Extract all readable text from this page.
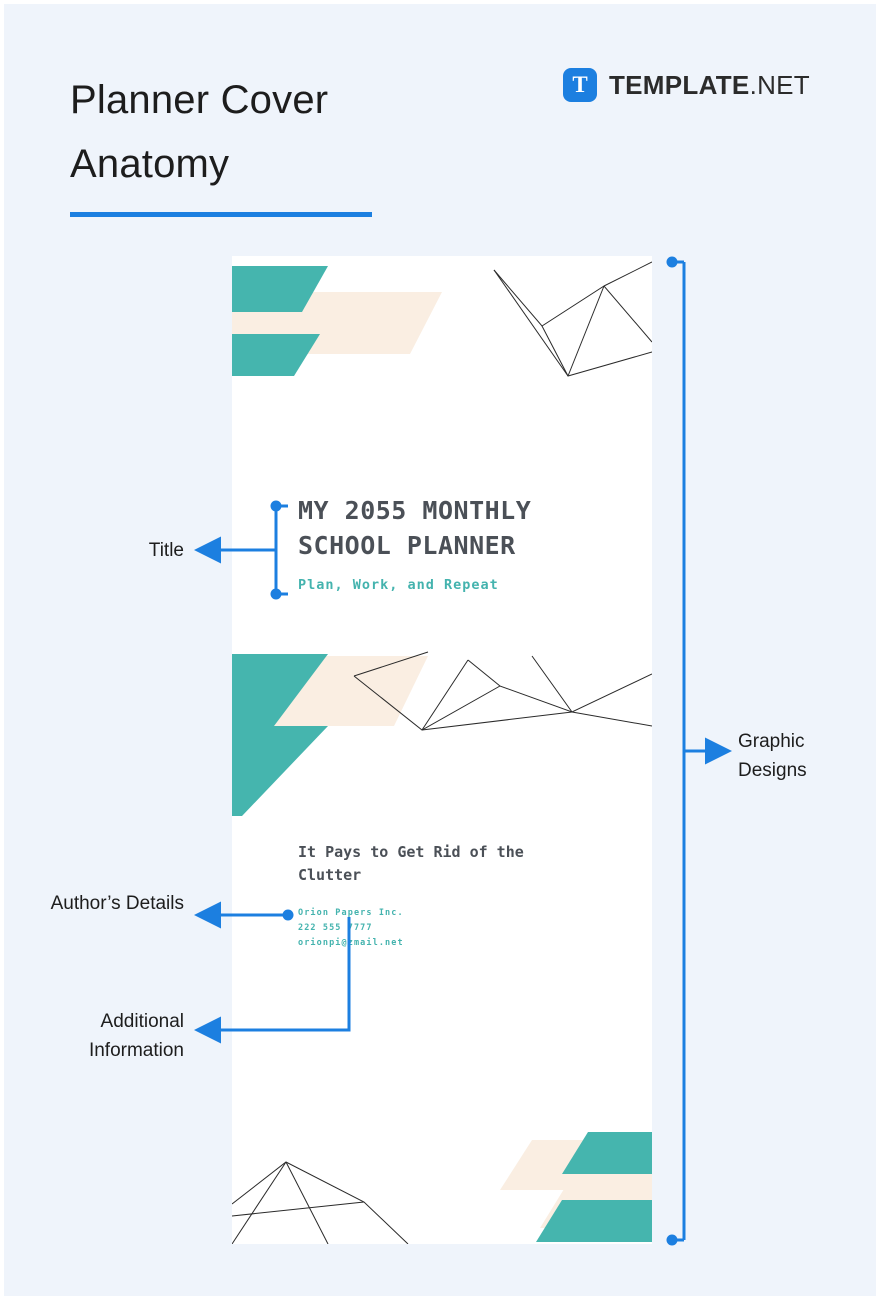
Planner Cover Anatomy
T TEMPLATE.NET
MY 2055 MONTHLY SCHOOL PLANNER
Plan, Work, and Repeat
It Pays to Get Rid of the Clutter
Orion Papers Inc.
222 555 7777
orionpi@zmail.net
Title
Author’s Details
Additional Information
Graphic Designs
